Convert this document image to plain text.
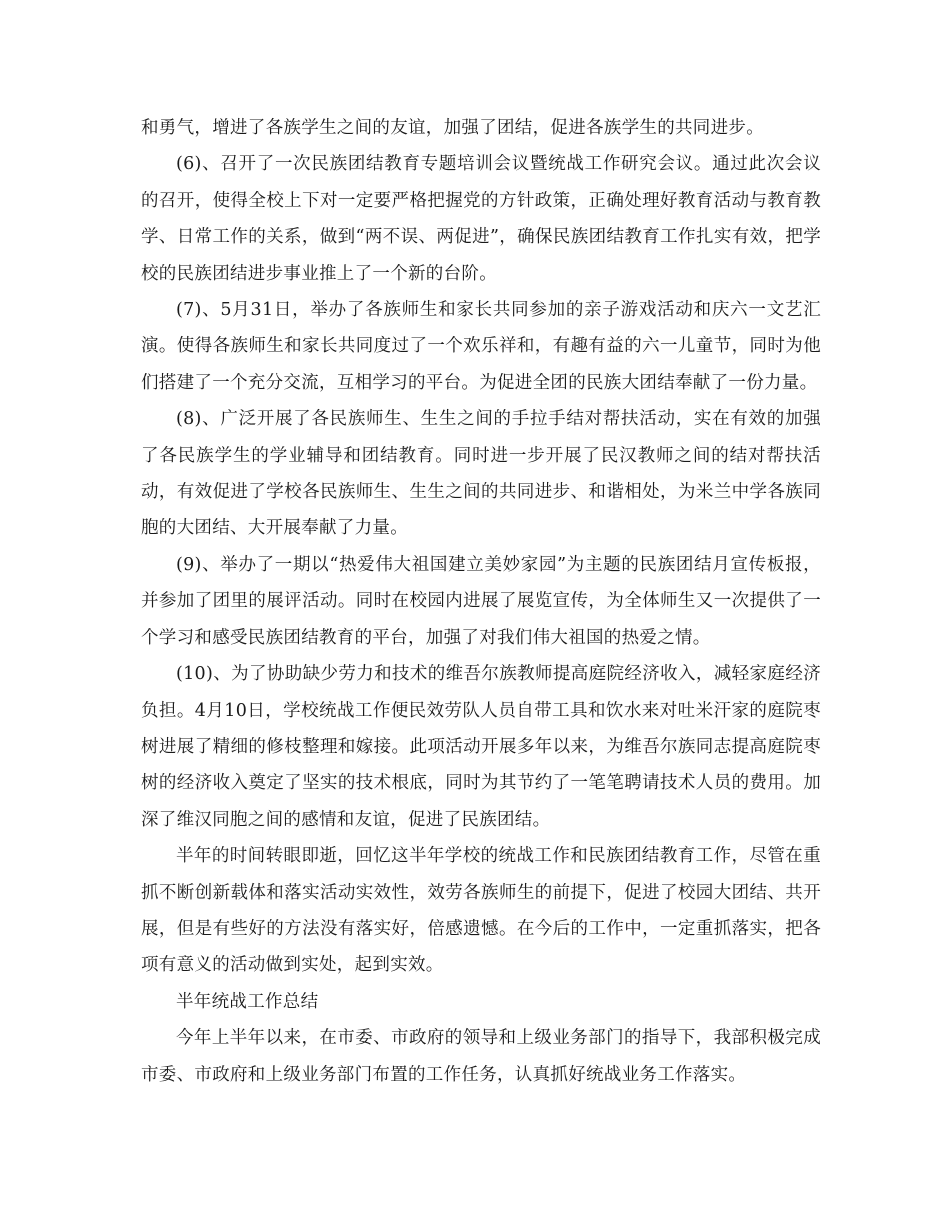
和勇气，增进了各族学生之间的友谊，加强了团结，促进各族学生的共同进步。

(6)、召开了一次民族团结教育专题培训会议暨统战工作研究会议。通过此次会议的召开，使得全校上下对一定要严格把握党的方针政策，正确处理好教育活动与教育教学、日常工作的关系，做到“两不误、两促进”，确保民族团结教育工作扎实有效，把学校的民族团结进步事业推上了一个新的台阶。

(7)、5月31日，举办了各族师生和家长共同参加的亲子游戏活动和庆六一文艺汇演。使得各族师生和家长共同度过了一个欢乐祥和，有趣有益的六一儿童节，同时为他们搭建了一个充分交流，互相学习的平台。为促进全团的民族大团结奉献了一份力量。

(8)、广泛开展了各民族师生、生生之间的手拉手结对帮扶活动，实在有效的加强了各民族学生的学业辅导和团结教育。同时进一步开展了民汉教师之间的结对帮扶活动，有效促进了学校各民族师生、生生之间的共同进步、和谐相处，为米兰中学各族同胞的大团结、大开展奉献了力量。

(9)、举办了一期以“热爱伟大祖国建立美妙家园”为主题的民族团结月宣传板报，并参加了团里的展评活动。同时在校园内进展了展览宣传，为全体师生又一次提供了一个学习和感受民族团结教育的平台，加强了对我们伟大祖国的热爱之情。

(10)、为了协助缺少劳力和技术的维吾尔族教师提高庭院经济收入，减轻家庭经济负担。4月10日，学校统战工作便民效劳队人员自带工具和饮水来对吐米汗家的庭院枣树进展了精细的修枝整理和嫁接。此项活动开展多年以来，为维吾尔族同志提高庭院枣树的经济收入奠定了坚实的技术根底，同时为其节约了一笔笔聘请技术人员的费用。加深了维汉同胞之间的感情和友谊，促进了民族团结。

半年的时间转眼即逝，回忆这半年学校的统战工作和民族团结教育工作，尽管在重抓不断创新载体和落实活动实效性，效劳各族师生的前提下，促进了校园大团结、共开展，但是有些好的方法没有落实好，倍感遗憾。在今后的工作中，一定重抓落实，把各项有意义的活动做到实处，起到实效。

半年统战工作总结

今年上半年以来，在市委、市政府的领导和上级业务部门的指导下，我部积极完成市委、市政府和上级业务部门布置的工作任务，认真抓好统战业务工作落实。
